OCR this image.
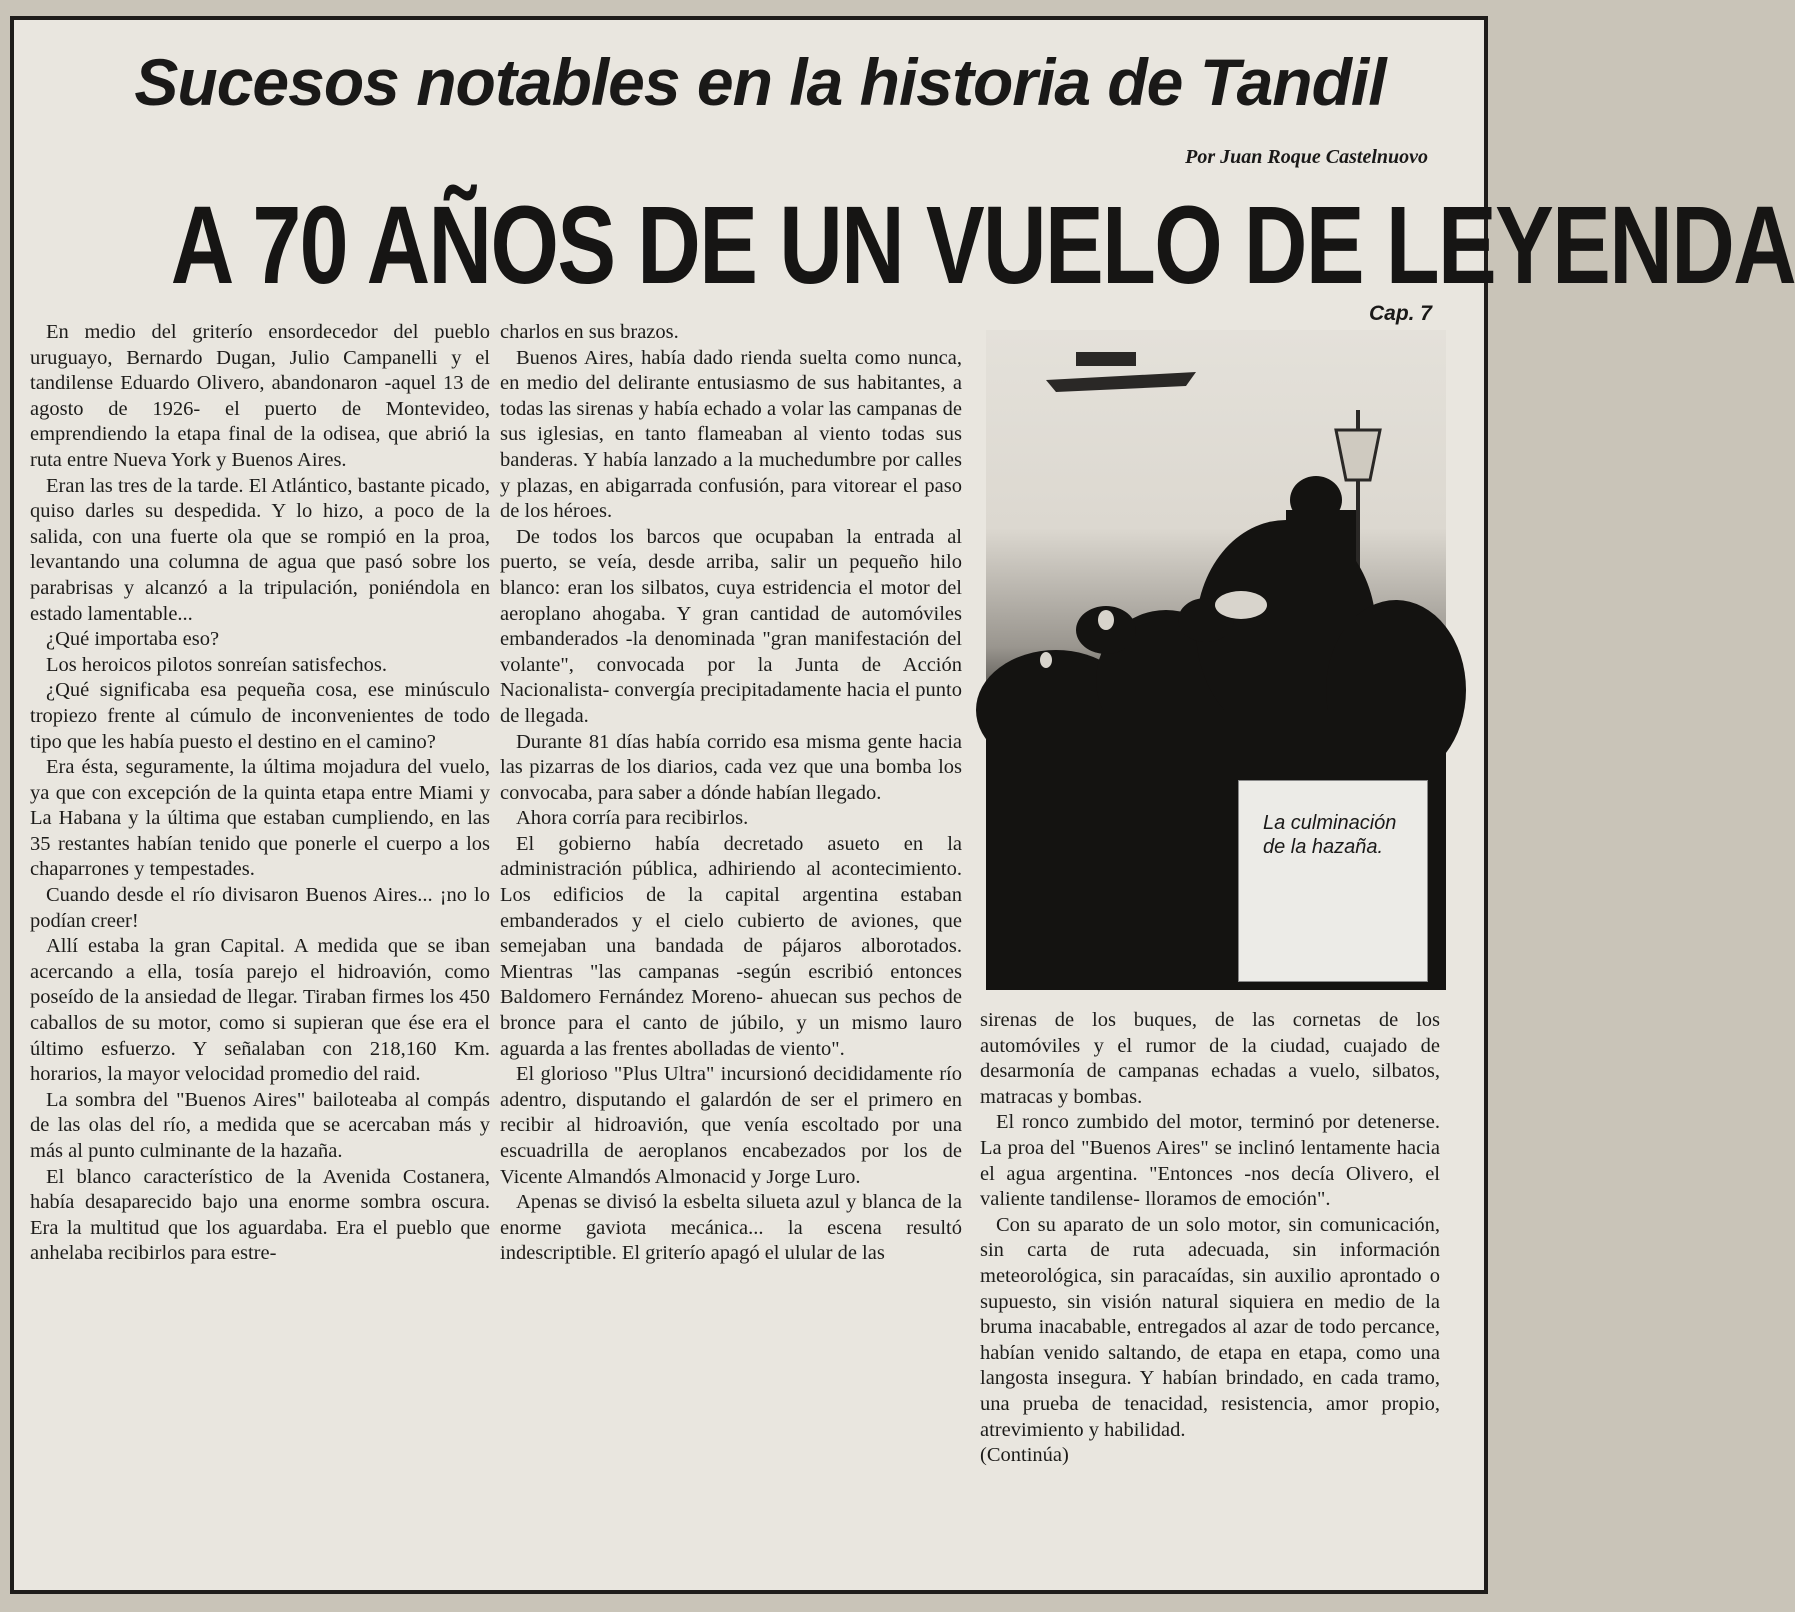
Sucesos notables en la historia de Tandil
Por Juan Roque Castelnuovo
A 70 AÑOS DE UN VUELO DE LEYENDA
Cap. 7

En medio del griterío ensordecedor del pueblo uruguayo, Bernardo Dugan, Julio Campanelli y el tandilense Eduardo Olivero, abandonaron -aquel 13 de agosto de 1926- el puerto de Montevideo, emprendiendo la etapa final de la odisea, que abrió la ruta entre Nueva York y Buenos Aires.

Eran las tres de la tarde. El Atlántico, bastante picado, quiso darles su despedida. Y lo hizo, a poco de la salida, con una fuerte ola que se rompió en la proa, levantando una columna de agua que pasó sobre los parabrisas y alcanzó a la tripulación, poniéndola en estado lamentable...

¿Qué importaba eso?

Los heroicos pilotos sonreían satisfechos.

¿Qué significaba esa pequeña cosa, ese minúsculo tropiezo frente al cúmulo de inconvenientes de todo tipo que les había puesto el destino en el camino?

Era ésta, seguramente, la última mojadura del vuelo, ya que con excepción de la quinta etapa entre Miami y La Habana y la última que estaban cumpliendo, en las 35 restantes habían tenido que ponerle el cuerpo a los chaparrones y tempestades.

Cuando desde el río divisaron Buenos Aires... ¡no lo podían creer!

Allí estaba la gran Capital. A medida que se iban acercando a ella, tosía parejo el hidroavión, como poseído de la ansiedad de llegar. Tiraban firmes los 450 caballos de su motor, como si supieran que ése era el último esfuerzo. Y señalaban con 218,160 Km. horarios, la mayor velocidad promedio del raid.

La sombra del "Buenos Aires" bailoteaba al compás de las olas del río, a medida que se acercaban más y más al punto culminante de la hazaña.

El blanco característico de la Avenida Costanera, había desaparecido bajo una enorme sombra oscura. Era la multitud que los aguardaba. Era el pueblo que anhelaba recibirlos para estre-

charlos en sus brazos.

Buenos Aires, había dado rienda suelta como nunca, en medio del delirante entusiasmo de sus habitantes, a todas las sirenas y había echado a volar las campanas de sus iglesias, en tanto flameaban al viento todas sus banderas. Y había lanzado a la muchedumbre por calles y plazas, en abigarrada confusión, para vitorear el paso de los héroes.

De todos los barcos que ocupaban la entrada al puerto, se veía, desde arriba, salir un pequeño hilo blanco: eran los silbatos, cuya estridencia el motor del aeroplano ahogaba. Y gran cantidad de automóviles embanderados -la denominada "gran manifestación del volante", convocada por la Junta de Acción Nacionalista- convergía precipitadamente hacia el punto de llegada.

Durante 81 días había corrido esa misma gente hacia las pizarras de los diarios, cada vez que una bomba los convocaba, para saber a dónde habían llegado.

Ahora corría para recibirlos.

El gobierno había decretado asueto en la administración pública, adhiriendo al acontecimiento. Los edificios de la capital argentina estaban embanderados y el cielo cubierto de aviones, que semejaban una bandada de pájaros alborotados. Mientras "las campanas -según escribió entonces Baldomero Fernández Moreno- ahuecan sus pechos de bronce para el canto de júbilo, y un mismo lauro aguarda a las frentes abolladas de viento".

El glorioso "Plus Ultra" incursionó decididamente río adentro, disputando el galardón de ser el primero en recibir al hidroavión, que venía escoltado por una escuadrilla de aeroplanos encabezados por los de Vicente Almandós Almonacid y Jorge Luro.

Apenas se divisó la esbelta silueta azul y blanca de la enorme gaviota mecánica... la escena resultó indescriptible. El griterío apagó el ulular de las

La culminación de la hazaña.

sirenas de los buques, de las cornetas de los automóviles y el rumor de la ciudad, cuajado de desarmonía de campanas echadas a vuelo, silbatos, matracas y bombas.

El ronco zumbido del motor, terminó por detenerse. La proa del "Buenos Aires" se inclinó lentamente hacia el agua argentina. "Entonces -nos decía Olivero, el valiente tandilense- lloramos de emoción".

Con su aparato de un solo motor, sin comunicación, sin carta de ruta adecuada, sin información meteorológica, sin paracaídas, sin auxilio aprontado o supuesto, sin visión natural siquiera en medio de la bruma inacabable, entregados al azar de todo percance, habían venido saltando, de etapa en etapa, como una langosta insegura. Y habían brindado, en cada tramo, una prueba de tenacidad, resistencia, amor propio, atrevimiento y habilidad.

(Continúa)
